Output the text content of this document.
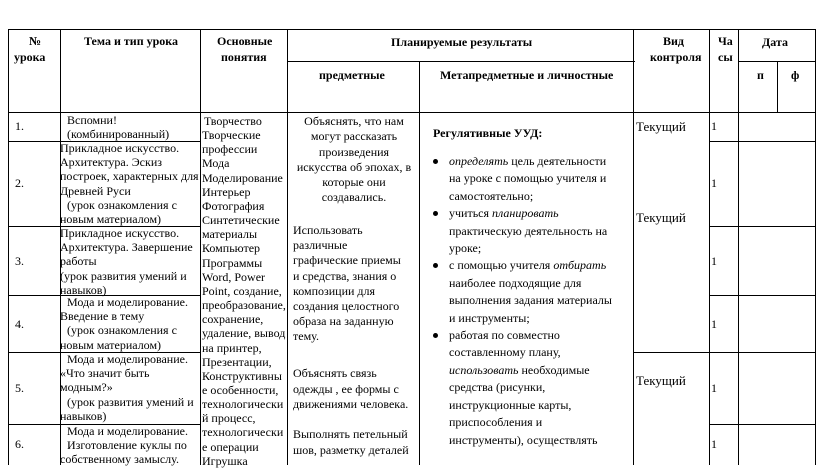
№
урока
Тема и тип урока	Основные
понятия
Планируемые результаты
предметные	Метапредметные и личностные
Вид
контроля
Ча
сы
Дата
п ф
1.
2.
3.
4.
5.
6.
Вспомни!
(комбинированный)
Прикладное искусство.
Архитектура. Эскиз
построек, характерных для
Древней Руси
(урок ознакомления с
новым материалом)
Прикладное искусство.
Архитектура. Завершение
работы
(урок развития умений и
навыков)
Мода и моделирование.
Введение в тему
(урок ознакомления с
новым материалом)
Мода и моделирование.
«Что значит быть
модным?»
(урок развития умений и
навыков)
Мода и моделирование.
Изготовление куклы по
собственному замыслу.
Творчество
Творческие
профессии
Мода
Моделирование
Интерьер
Фотография
Синтетические
материалы
Компьютер
Программы
Word, Power
Point, создание,
преобразование,
сохранение,
удаление, вывод
на принтер,
Презентации,
Конструктивны
е особенности,
технологически
й процесс,
технологически
е операции
Игрушка
Объяснять, что нам
могут рассказать
произведения
искусства об эпохах, в
которые они
создавались.
Использовать
различные
графические приемы
и средства, знания о
композиции для
создания целостного
образа на заданную
тему.
Объяснять связь
одежды , ее формы с
движениями человека.
Выполнять петельный
шов, разметку деталей
Регулятивные УУД:
определять цель деятельности
на уроке с помощью учителя и
самостоятельно;
учиться планировать
практическую деятельность на
уроке;
с помощью учителя отбирать
наиболее подходящие для
выполнения задания материалы
и инструменты;
работая по совместно
составленному плану,
использовать необходимые
средства (рисунки,
инструкционные карты,
приспособления и
инструменты), осуществлять
Текущий
Текущий
Текущий
1
1
1
1
1
1
